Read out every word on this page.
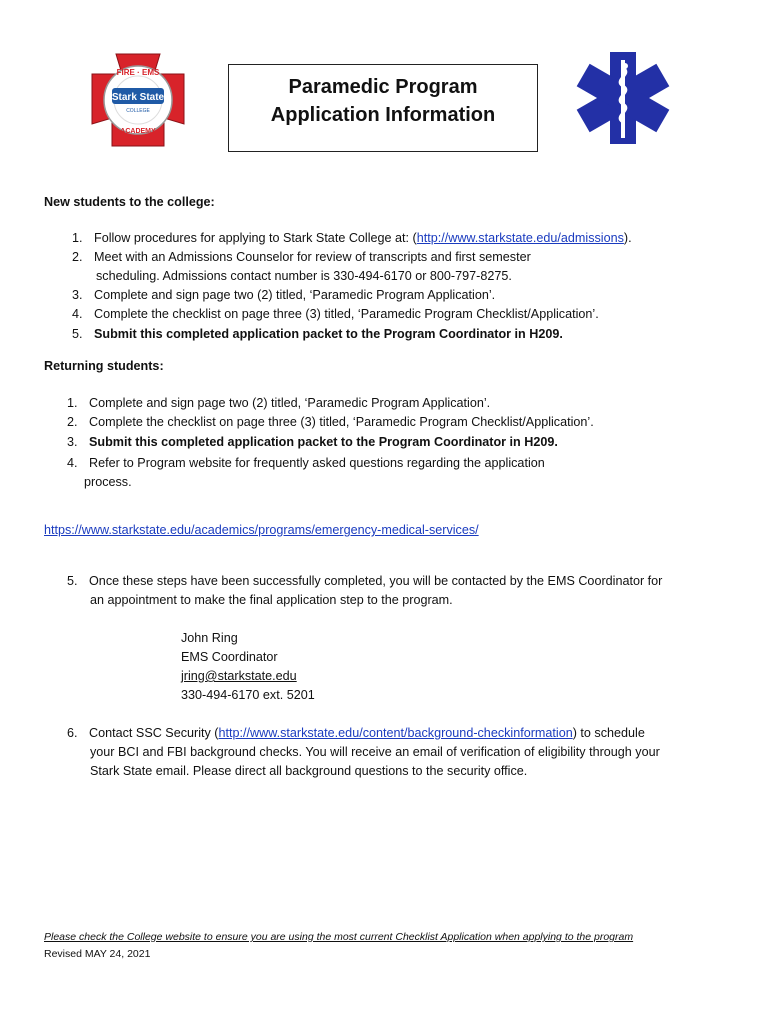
FIRE · EMS
Stark State
COLLEGE
ACADEMY
Paramedic Program
Application Information
New students to the college:
1. Follow procedures for applying to Stark State College at: (http://www.starkstate.edu/admissions).
2. Meet with an Admissions Counselor for review of transcripts and first semester
scheduling. Admissions contact number is 330-494-6170 or 800-797-8275.
3. Complete and sign page two (2) titled, ‘Paramedic Program Application’.
4. Complete the checklist on page three (3) titled, ‘Paramedic Program Checklist/Application’.
5. Submit this completed application packet to the Program Coordinator in H209.
Returning students:
1. Complete and sign page two (2) titled, ‘Paramedic Program Application’.
2. Complete the checklist on page three (3) titled, ‘Paramedic Program Checklist/Application’.
3. Submit this completed application packet to the Program Coordinator in H209.
4. Refer to Program website for frequently asked questions regarding the application
process.
https://www.starkstate.edu/academics/programs/emergency-medical-services/
5. Once these steps have been successfully completed, you will be contacted by the EMS Coordinator for
an appointment to make the final application step to the program.
John Ring
EMS Coordinator
jring@starkstate.edu
330-494-6170 ext. 5201
6. Contact SSC Security (http://www.starkstate.edu/content/background-checkinformation) to schedule
your BCI and FBI background checks. You will receive an email of verification of eligibility through your
Stark State email. Please direct all background questions to the security office.
Please check the College website to ensure you are using the most current Checklist Application when applying to the program
Revised MAY 24, 2021
